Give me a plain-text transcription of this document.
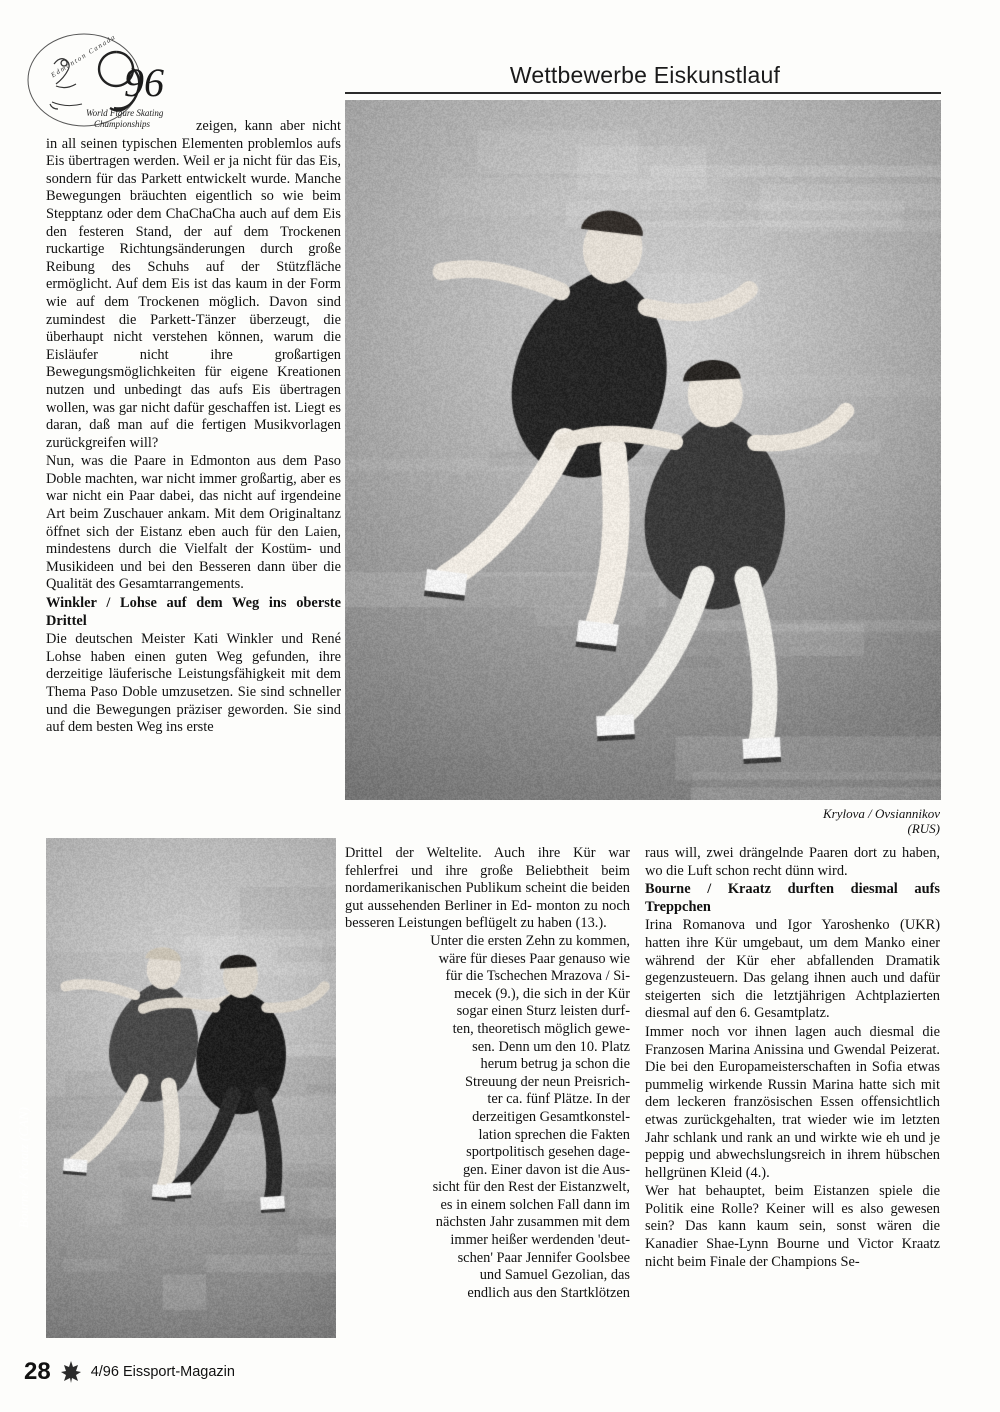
96
Edmonton Canada
World Figure Skating
Championships
Wettbewerbe Eiskunstlauf
Krylova / Ovsiannikov
(RUS)
Bourne / Kraatz (CAN)

zeigen, kann aber nicht in all seinen typischen Elementen problemlos aufs Eis übertragen werden. Weil er ja nicht für das Eis, sondern für das Parkett entwickelt wurde. Manche Bewegungen bräuchten eigentlich so wie beim Stepptanz oder dem ChaChaCha auch auf dem Eis den festeren Stand, der auf dem Trockenen ruckartige Richtungsänderungen durch große Reibung des Schuhs auf der Stützfläche ermöglicht. Auf dem Eis ist das kaum in der Form wie auf dem Trockenen möglich. Davon sind zumindest die Parkett-Tänzer überzeugt, die überhaupt nicht verstehen können, warum die Eisläufer nicht ihre großartigen Bewegungsmöglichkeiten für eigene Kreationen nutzen und unbedingt das aufs Eis übertragen wollen, was gar nicht dafür geschaffen ist. Liegt es daran, daß man auf die fertigen Musikvorlagen zurückgreifen will?

Nun, was die Paare in Edmonton aus dem Paso Doble machten, war nicht immer großartig, aber es war nicht ein Paar dabei, das nicht auf irgendeine Art beim Zuschauer ankam. Mit dem Originaltanz öffnet sich der Eistanz eben auch für den Laien, mindestens durch die Vielfalt der Kostüm- und Musikideen und bei den Besseren dann über die Qualität des Gesamtarrangements.

Winkler / Lohse auf dem Weg ins oberste Drittel

Die deutschen Meister Kati Winkler und René Lohse haben einen guten Weg gefunden, ihre derzeitige läuferische Leistungsfähigkeit mit dem Thema Paso Doble umzusetzen. Sie sind schneller und die Bewegungen präziser geworden. Sie sind auf dem besten Weg ins erste

Drittel der Weltelite. Auch ihre Kür war fehlerfrei und ihre große Beliebtheit beim nordamerikanischen Publikum scheint die beiden gut aussehenden Berliner in Ed- monton zu noch besseren Leistungen beflügelt zu haben (13.).
Unter die ersten Zehn zu kommen,
wäre für dieses Paar genauso wie
für die Tschechen Mrazova / Si-
mecek (9.), die sich in der Kür
sogar einen Sturz leisten durf-
ten, theoretisch möglich gewe-
sen. Denn um den 10. Platz
herum betrug ja schon die
Streuung der neun Preisrich-
ter ca. fünf Plätze. In der
derzeitigen Gesamtkonstel-
lation sprechen die Fakten
sportpolitisch gesehen dage-
gen. Einer davon ist die Aus-
sicht für den Rest der Eistanzwelt,
es in einem solchen Fall dann im
nächsten Jahr zusammen mit dem
immer heißer werdenden 'deut-
schen' Paar Jennifer Goolsbee
und Samuel Gezolian, das
endlich aus den Startklötzen

raus will, zwei drängelnde Paaren dort zu haben, wo die Luft schon recht dünn wird.

Bourne / Kraatz durften diesmal aufs Treppchen

Irina Romanova und Igor Yaroshenko (UKR) hatten ihre Kür umgebaut, um dem Manko einer während der Kür eher abfallenden Dramatik gegenzusteuern. Das gelang ihnen auch und dafür steigerten sich die letztjährigen Achtplazierten diesmal auf den 6. Gesamtplatz.

Immer noch vor ihnen lagen auch diesmal die Franzosen Marina Anissina und Gwendal Peizerat. Die bei den Europameisterschaften in Sofia etwas pummelig wirkende Russin Marina hatte sich mit dem leckeren französischen Essen offensichtlich etwas zurückgehalten, trat wieder wie im letzten Jahr schlank und rank an und wirkte wie eh und je peppig und abwechslungsreich in ihrem hübschen hellgrünen Kleid (4.).

Wer hat behauptet, beim Eistanzen spiele die Politik eine Rolle? Keiner will es also gewesen sein? Das kann kaum sein, sonst wären die Kanadier Shae-Lynn Bourne und Victor Kraatz nicht beim Finale der Champions Se-

28	4/96 Eissport-Magazin
